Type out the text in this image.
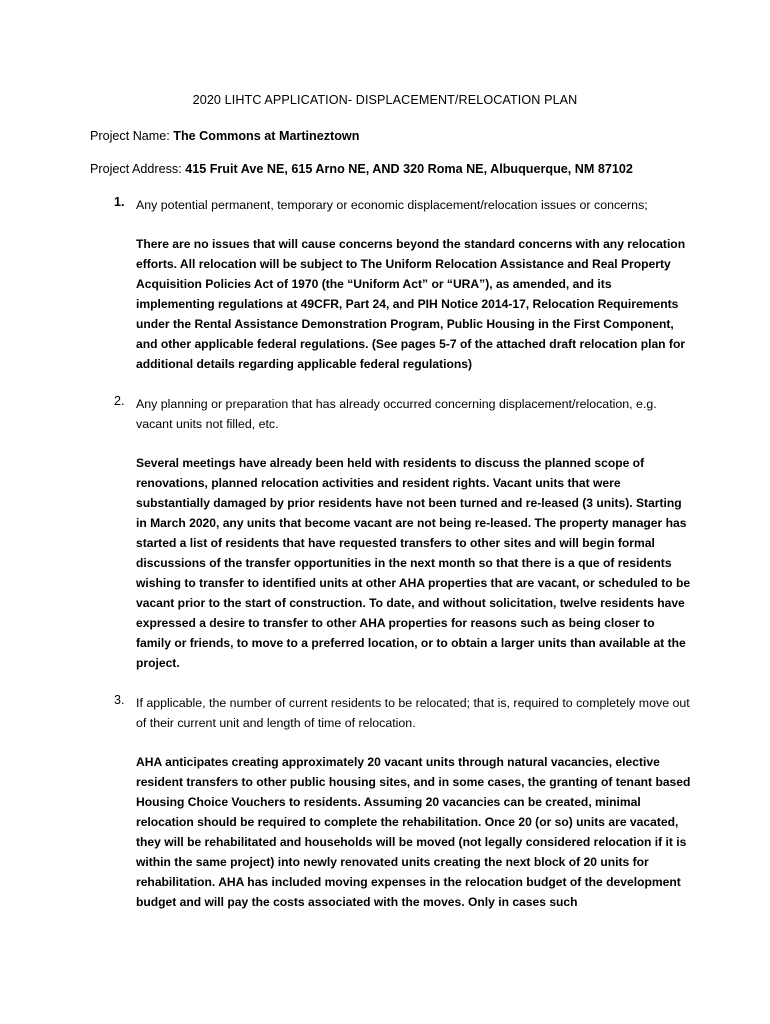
2020 LIHTC APPLICATION- DISPLACEMENT/RELOCATION PLAN
Project Name: The Commons at Martineztown
Project Address: 415 Fruit Ave NE, 615 Arno NE, AND 320 Roma NE, Albuquerque, NM 87102
1. Any potential permanent, temporary or economic displacement/relocation issues or concerns;
There are no issues that will cause concerns beyond the standard concerns with any relocation efforts. All relocation will be subject to The Uniform Relocation Assistance and Real Property Acquisition Policies Act of 1970 (the “Uniform Act” or “URA”), as amended, and its implementing regulations at 49CFR, Part 24, and PIH Notice 2014-17, Relocation Requirements under the Rental Assistance Demonstration Program, Public Housing in the First Component, and other applicable federal regulations. (See pages 5-7 of the attached draft relocation plan for additional details regarding applicable federal regulations)
2. Any planning or preparation that has already occurred concerning displacement/relocation, e.g. vacant units not filled, etc.
Several meetings have already been held with residents to discuss the planned scope of renovations, planned relocation activities and resident rights. Vacant units that were substantially damaged by prior residents have not been turned and re-leased (3 units). Starting in March 2020, any units that become vacant are not being re-leased. The property manager has started a list of residents that have requested transfers to other sites and will begin formal discussions of the transfer opportunities in the next month so that there is a que of residents wishing to transfer to identified units at other AHA properties that are vacant, or scheduled to be vacant prior to the start of construction. To date, and without solicitation, twelve residents have expressed a desire to transfer to other AHA properties for reasons such as being closer to family or friends, to move to a preferred location, or to obtain a larger units than available at the project.
3. If applicable, the number of current residents to be relocated; that is, required to completely move out of their current unit and length of time of relocation.
AHA anticipates creating approximately 20 vacant units through natural vacancies, elective resident transfers to other public housing sites, and in some cases, the granting of tenant based Housing Choice Vouchers to residents. Assuming 20 vacancies can be created, minimal relocation should be required to complete the rehabilitation. Once 20 (or so) units are vacated, they will be rehabilitated and households will be moved (not legally considered relocation if it is within the same project) into newly renovated units creating the next block of 20 units for rehabilitation. AHA has included moving expenses in the relocation budget of the development budget and will pay the costs associated with the moves. Only in cases such
